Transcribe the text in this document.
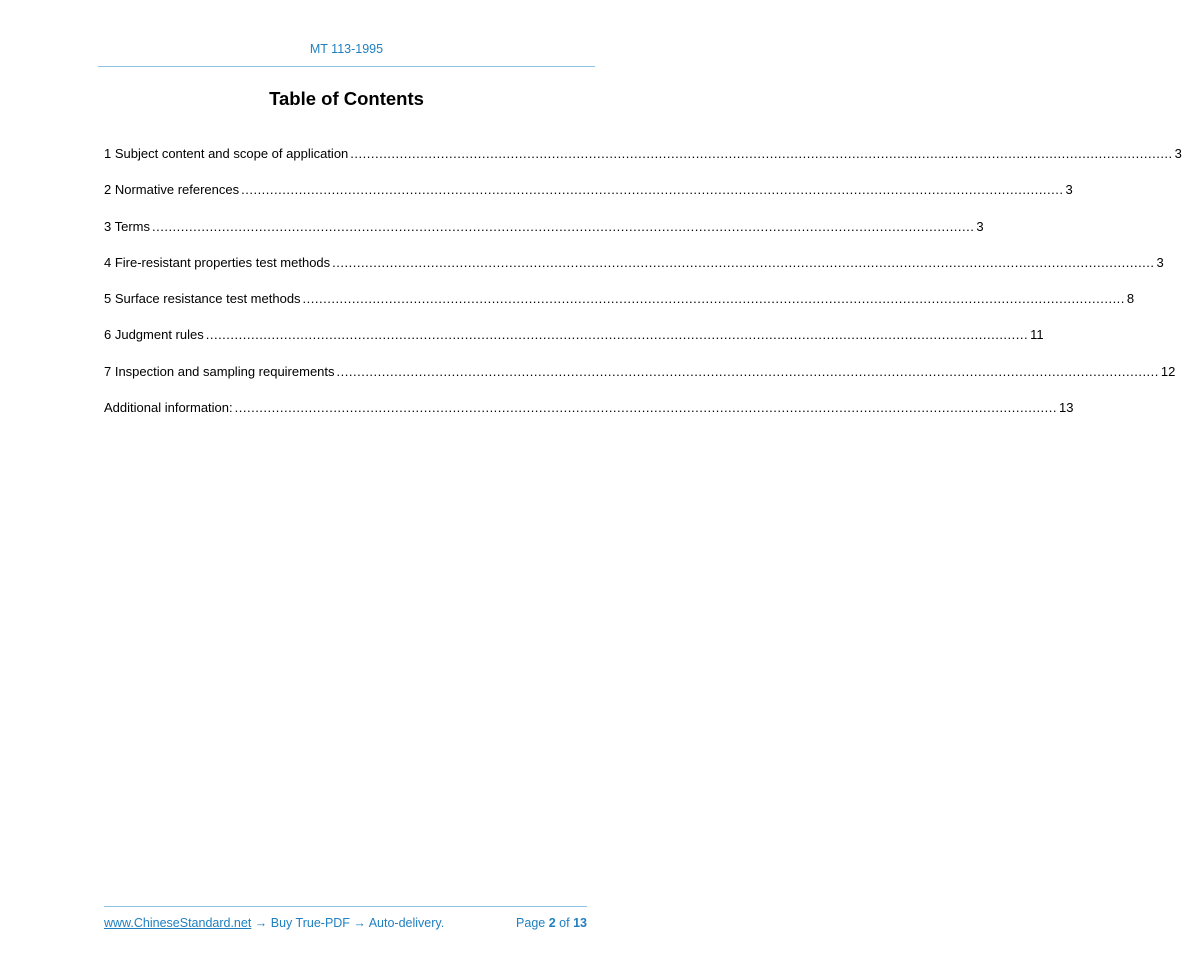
MT 113-1995
Table of Contents
1 Subject content and scope of application ........................................................................................................................................................................................................ 3
2 Normative references ........................................................................................................................................................................................................ 3
3 Terms ........................................................................................................................................................................................................ 3
4 Fire-resistant properties test methods ........................................................................................................................................................................................................ 3
5 Surface resistance test methods ........................................................................................................................................................................................................ 8
6 Judgment rules ........................................................................................................................................................................................................ 11
7 Inspection and sampling requirements ........................................................................................................................................................................................................ 12
Additional information: ........................................................................................................................................................................................................ 13
www.ChineseStandard.net → Buy True-PDF → Auto-delivery.	Page 2 of 13
